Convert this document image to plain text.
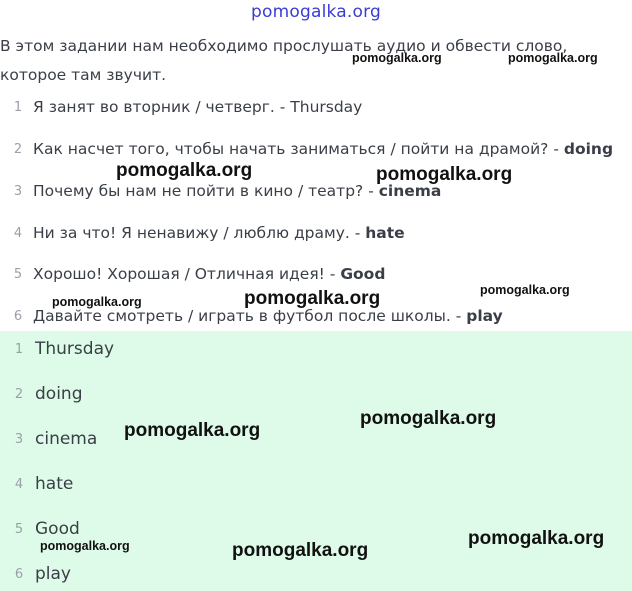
pomogalka.org
В этом задании нам необходимо прослушать аудио и обвести слово, которое там звучит.
1 Я занят во вторник / четверг. - Thursday
2 Как насчет того, чтобы начать заниматься / пойти на драмой? - doing
3 Почему бы нам не пойти в кино / театр? - cinema
4 Ни за что! Я ненавижу / люблю драму. - hate
5 Хорошо! Хорошая / Отличная идея! - Good
6 Давайте смотреть / играть в футбол после школы. - play
1 Thursday
2 doing
3 cinema
4 hate
5 Good
6 play
pomogalka.org	pomogalka.org
pomogalka.org	pomogalka.org
pomogalka.org
pomogalka.org
pomogalka.org
pomogalka.org
pomogalka.org
pomogalka.org	pomogalka.org
pomogalka.org
